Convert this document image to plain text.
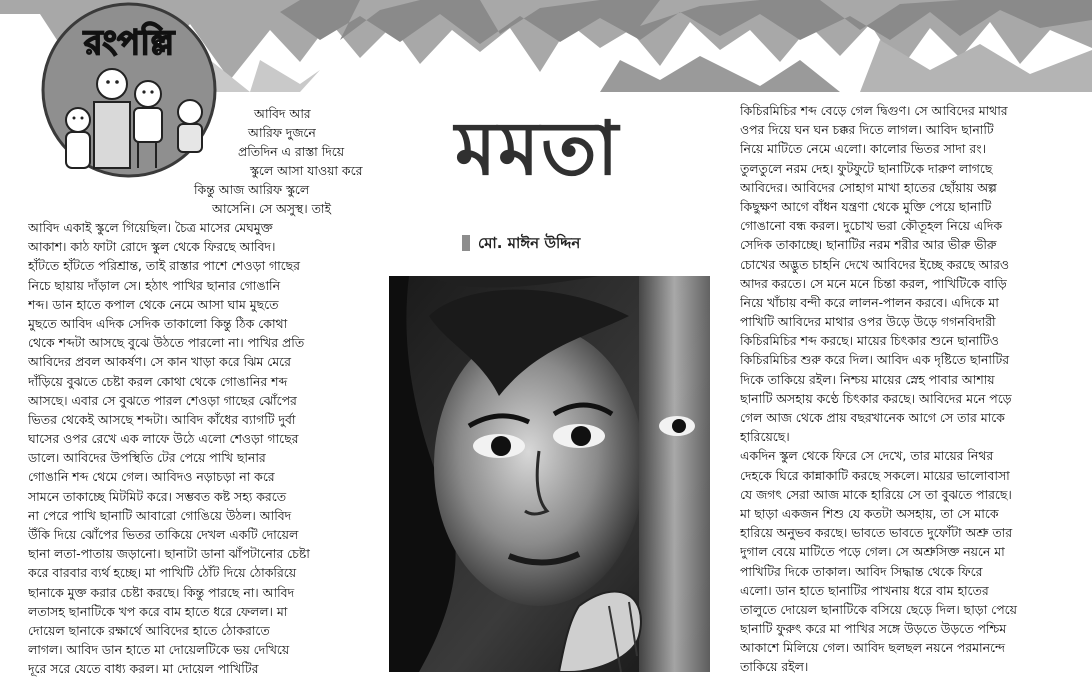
রংপল্লি
আবিদ আর
আরিফ দুজনে
প্রতিদিন এ রাস্তা দিয়ে
স্কুলে আসা যাওয়া করে
কিন্তু আজ আরিফ স্কুলে
আসেনি। সে অসুস্থ। তাই
আবিদ একাই স্কুলে গিয়েছিল। চৈত্র মাসের মেঘমুক্ত
আকাশ। কাঠ ফাটা রোদে স্কুল থেকে ফিরছে আবিদ।
হাঁটতে হাঁটতে পরিশ্রান্ত, তাই রাস্তার পাশে শেওড়া গাছের
নিচে ছায়ায় দাঁড়াল সে। হঠাৎ পাখির ছানার গোঙানি
শব্দ। ডান হাতে কপাল থেকে নেমে আসা ঘাম মুছতে
মুছতে আবিদ এদিক সেদিক তাকালো কিন্তু ঠিক কোথা
থেকে শব্দটা আসছে বুঝে উঠতে পারলো না। পাখির প্রতি
আবিদের প্রবল আকর্ষণ। সে কান খাড়া করে ঝিম মেরে
দাঁড়িয়ে বুঝতে চেষ্টা করল কোথা থেকে গোঙানির শব্দ
আসছে। এবার সে বুঝতে পারল শেওড়া গাছের ঝোঁপের
ভিতর থেকেই আসছে শব্দটা। আবিদ কাঁধের ব্যাগটি দুর্বা
ঘাসের ওপর রেখে এক লাফে উঠে এলো শেওড়া গাছের
ডালে। আবিদের উপস্থিতি টের পেয়ে পাখি ছানার
গোঙানি শব্দ থেমে গেল। আবিদও নড়াচড়া না করে
সামনে তাকাচ্ছে মিটমিট করে। সম্ভবত কষ্ট সহ্য করতে
না পেরে পাখি ছানাটি আবারো গোঙিয়ে উঠল। আবিদ
উঁকি দিয়ে ঝোঁপের ভিতর তাকিয়ে দেখল একটি দোয়েল
ছানা লতা-পাতায় জড়ানো। ছানাটা ডানা ঝাঁপটানোর চেষ্টা
করে বারবার ব্যর্থ হচ্ছে। মা পাখিটি ঠোঁট দিয়ে ঠোকরিয়ে
ছানাকে মুক্ত করার চেষ্টা করছে। কিন্তু পারছে না। আবিদ
লতাসহ ছানাটিকে খপ করে বাম হাতে ধরে ফেলল। মা
দোয়েল ছানাকে রক্ষার্থে আবিদের হাতে ঠোকরাতে
লাগল। আবিদ ডান হাতে মা দোয়েলটিকে ভয় দেখিয়ে
দূরে সরে যেতে বাধ্য করল। মা দোয়েল পাখিটির
মমতা
মো. মাঈন উদ্দিন
কিচিরমিচির শব্দ বেড়ে গেল দ্বিগুণ। সে আবিদের মাথার
ওপর দিয়ে ঘন ঘন চক্কর দিতে লাগল। আবিদ ছানাটি
নিয়ে মাটিতে নেমে এলো। কালোর ভিতর সাদা রং।
তুলতুলে নরম দেহ। ফুটফুটে ছানাটিকে দারুণ লাগছে
আবিদের। আবিদের সোহাগ মাখা হাতের ছোঁয়ায় অল্প
কিছুক্ষণ আগে বাঁধন যন্ত্রণা থেকে মুক্তি পেয়ে ছানাটি
গোঙানো বন্ধ করল। দুচোখ ভরা কৌতূহল নিয়ে এদিক
সেদিক তাকাচ্ছে। ছানাটির নরম শরীর আর ভীরু ভীরু
চোখের অদ্ভুত চাহনি দেখে আবিদের ইচ্ছে করছে আরও
আদর করতে। সে মনে মনে চিন্তা করল, পাখিটিকে বাড়ি
নিয়ে খাঁচায় বন্দী করে লালন-পালন করবে। এদিকে মা
পাখিটি আবিদের মাথার ওপর উড়ে উড়ে গগনবিদারী
কিচিরমিচির শব্দ করছে। মায়ের চিৎকার শুনে ছানাটিও
কিচিরমিচির শুরু করে দিল। আবিদ এক দৃষ্টিতে ছানাটির
দিকে তাকিয়ে রইল। নিশ্চয় মায়ের স্নেহ পাবার আশায়
ছানাটি অসহায় কণ্ঠে চিৎকার করছে। আবিদের মনে পড়ে
গেল আজ থেকে প্রায় বছরখানেক আগে সে তার মাকে
হারিয়েছে।
একদিন স্কুল থেকে ফিরে সে দেখে, তার মায়ের নিথর
দেহকে ঘিরে কান্নাকাটি করছে সকলে। মায়ের ভালোবাসা
যে জগৎ সেরা আজ মাকে হারিয়ে সে তা বুঝতে পারছে।
মা ছাড়া একজন শিশু যে কতটা অসহায়, তা সে মাকে
হারিয়ে অনুভব করছে। ভাবতে ভাবতে দুফোঁটা অশ্রু তার
দুগাল বেয়ে মাটিতে পড়ে গেল। সে অশ্রুসিক্ত নয়নে মা
পাখিটির দিকে তাকাল। আবিদ সিদ্ধান্ত থেকে ফিরে
এলো। ডান হাতে ছানাটির পাখনায় ধরে বাম হাতের
তালুতে দোয়েল ছানাটিকে বসিয়ে ছেড়ে দিল। ছাড়া পেয়ে
ছানাটি ফুরুৎ করে মা পাখির সঙ্গে উড়তে উড়তে পশ্চিম
আকাশে মিলিয়ে গেল। আবিদ ছলছল নয়নে পরমানন্দে
তাকিয়ে রইল।
